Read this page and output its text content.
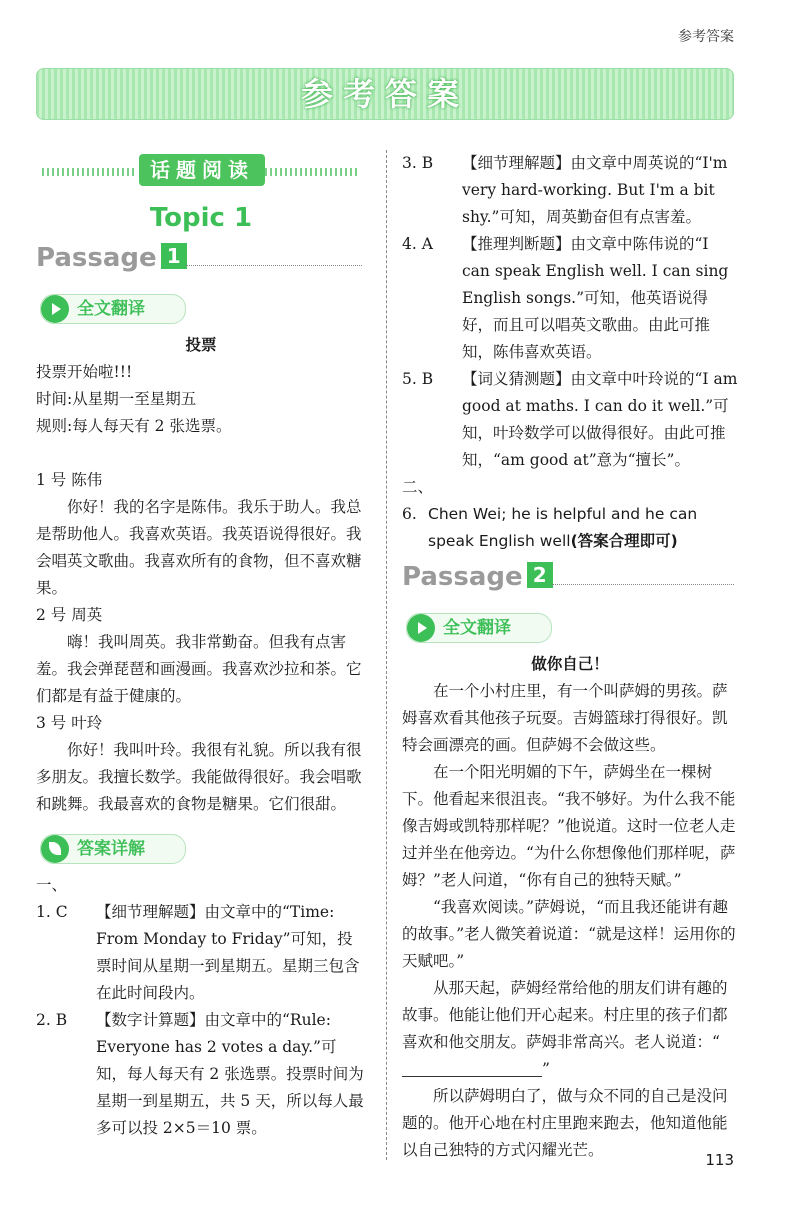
参考答案
参考答案
话题阅读
Topic 1
Passage 1
全文翻译

投票

投票开始啦!!!

时间:从星期一至星期五

规则:每人每天有 2 张选票。

1 号 陈伟

你好！我的名字是陈伟。我乐于助人。我总是帮助他人。我喜欢英语。我英语说得很好。我会唱英文歌曲。我喜欢所有的食物，但不喜欢糖果。

2 号 周英

嗨！我叫周英。我非常勤奋。但我有点害羞。我会弹琵琶和画漫画。我喜欢沙拉和茶。它们都是有益于健康的。

3 号 叶玲

你好！我叫叶玲。我很有礼貌。所以我有很多朋友。我擅长数学。我能做得很好。我会唱歌和跳舞。我最喜欢的食物是糖果。它们很甜。

答案详解

一、

1. C	【细节理解题】由文章中的“Time: From Monday to Friday”可知，投票时间从星期一到星期五。星期三包含在此时间段内。
2. B	【数字计算题】由文章中的“Rule: Everyone has 2 votes a day.”可知，每人每天有 2 张选票。投票时间为星期一到星期五，共 5 天，所以每人最多可以投 2×5＝10 票。
3. B	【细节理解题】由文章中周英说的“I'm very hard-working. But I'm a bit shy.”可知，周英勤奋但有点害羞。
4. A	【推理判断题】由文章中陈伟说的“I can speak English well. I can sing English songs.”可知，他英语说得好，而且可以唱英文歌曲。由此可推知，陈伟喜欢英语。
5. B	【词义猜测题】由文章中叶玲说的“I am good at maths. I can do it well.”可知，叶玲数学可以做得很好。由此可推知，“am good at”意为“擅长”。

二、

6. Chen Wei; he is helpful and he can speak English well(答案合理即可)
Passage 2
全文翻译

做你自己！

在一个小村庄里，有一个叫萨姆的男孩。萨姆喜欢看其他孩子玩耍。吉姆篮球打得很好。凯特会画漂亮的画。但萨姆不会做这些。

在一个阳光明媚的下午，萨姆坐在一棵树下。他看起来很沮丧。“我不够好。为什么我不能像吉姆或凯特那样呢？”他说道。这时一位老人走过并坐在他旁边。“为什么你想像他们那样呢，萨姆？”老人问道，“你有自己的独特天赋。”

“我喜欢阅读。”萨姆说，“而且我还能讲有趣的故事。”老人微笑着说道：“就是这样！运用你的天赋吧。”

从那天起，萨姆经常给他的朋友们讲有趣的故事。他能让他们开心起来。村庄里的孩子们都喜欢和他交朋友。萨姆非常高兴。老人说道：“”

所以萨姆明白了，做与众不同的自己是没问题的。他开心地在村庄里跑来跑去，他知道他能以自己独特的方式闪耀光芒。

113
